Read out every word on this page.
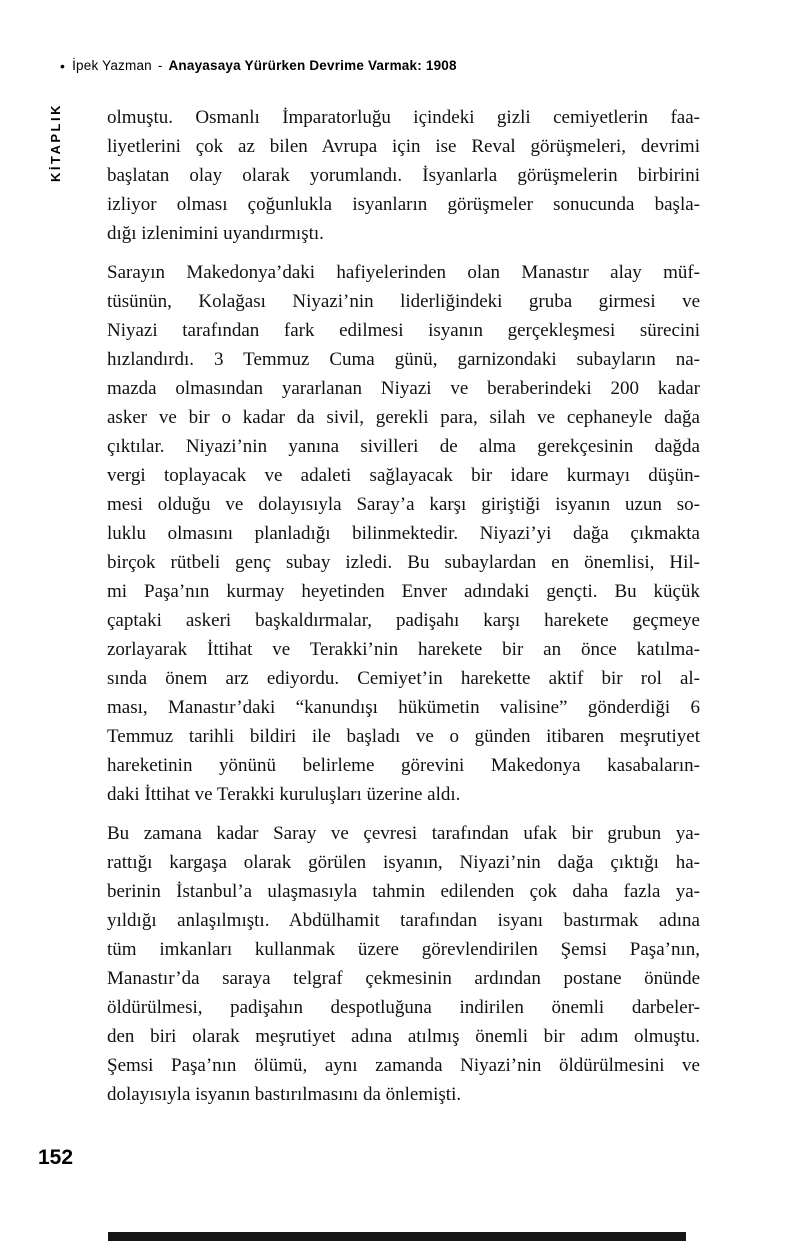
• İpek Yazman - Anayasaya Yürürken Devrime Varmak: 1908
KİTAPLIK olmuştu. Osmanlı İmparatorluğu içindeki gizli cemiyetlerin faa-
liyetlerini çok az bilen Avrupa için ise Reval görüşmeleri, devrimi
başlatan olay olarak yorumlandı. İsyanlarla görüşmelerin birbirini
izliyor olması çoğunlukla isyanların görüşmeler sonucunda başla-
dığı izlenimini uyandırmıştı.
Sarayın Makedonya’daki hafiyelerinden olan Manastır alay müf-
tüsünün, Kolağası Niyazi’nin liderliğindeki gruba girmesi ve
Niyazi tarafından fark edilmesi isyanın gerçekleşmesi sürecini
hızlandırdı. 3 Temmuz Cuma günü, garnizondaki subayların na-
mazda olmasından yararlanan Niyazi ve beraberindeki 200 kadar
asker ve bir o kadar da sivil, gerekli para, silah ve cephaneyle dağa
çıktılar. Niyazi’nin yanına sivilleri de alma gerekçesinin dağda
vergi toplayacak ve adaleti sağlayacak bir idare kurmayı düşün-
mesi olduğu ve dolayısıyla Saray’a karşı giriştiği isyanın uzun so-
luklu olmasını planladığı bilinmektedir. Niyazi’yi dağa çıkmakta
birçok rütbeli genç subay izledi. Bu subaylardan en önemlisi, Hil-
mi Paşa’nın kurmay heyetinden Enver adındaki gençti. Bu küçük
çaptaki askeri başkaldırmalar, padişahı karşı harekete geçmeye
zorlayarak İttihat ve Terakki’nin harekete bir an önce katılma-
sında önem arz ediyordu. Cemiyet’in harekette aktif bir rol al-
ması, Manastır’daki “kanundışı hükümetin valisine” gönderdiği 6
Temmuz tarihli bildiri ile başladı ve o günden itibaren meşrutiyet
hareketinin yönünü belirleme görevini Makedonya kasabaların-
daki İttihat ve Terakki kuruluşları üzerine aldı.
Bu zamana kadar Saray ve çevresi tarafından ufak bir grubun ya-
rattığı kargaşa olarak görülen isyanın, Niyazi’nin dağa çıktığı ha-
berinin İstanbul’a ulaşmasıyla tahmin edilenden çok daha fazla ya-
yıldığı anlaşılmıştı. Abdülhamit tarafından isyanı bastırmak adına
tüm imkanları kullanmak üzere görevlendirilen Şemsi Paşa’nın,
Manastır’da saraya telgraf çekmesinin ardından postane önünde
öldürülmesi, padişahın despotluğuna indirilen önemli darbeler-
den biri olarak meşrutiyet adına atılmış önemli bir adım olmuştu.
Şemsi Paşa’nın ölümü, aynı zamanda Niyazi’nin öldürülmesini ve
dolayısıyla isyanın bastırılmasını da önlemişti.
152
